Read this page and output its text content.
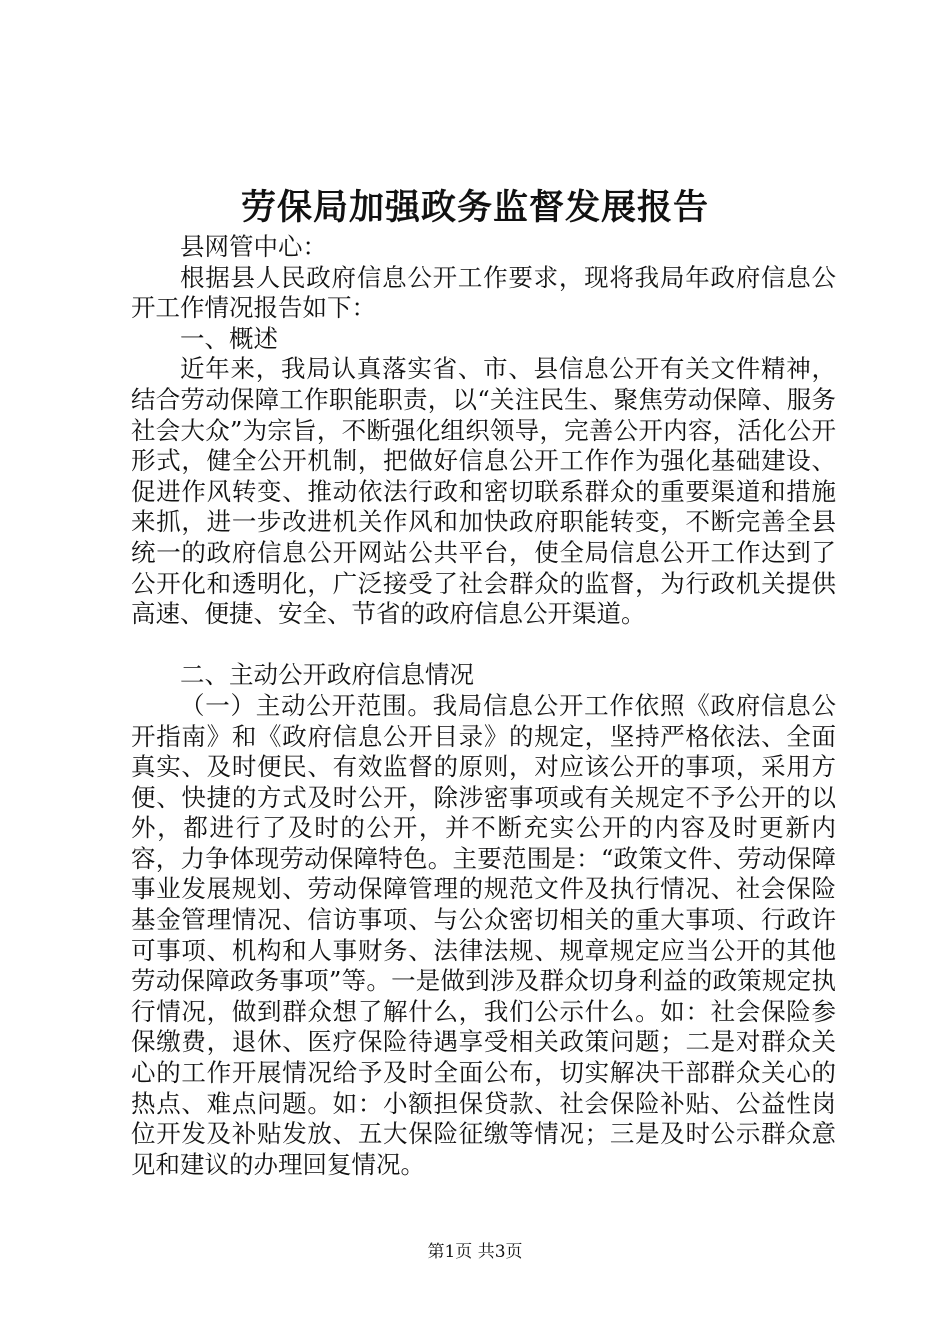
劳保局加强政务监督发展报告

县网管中心：

根据县人民政府信息公开工作要求，现将我局年政府信息公开工作情况报告如下：

一、概述

近年来，我局认真落实省、市、县信息公开有关文件精神，结合劳动保障工作职能职责，以“关注民生、聚焦劳动保障、服务社会大众”为宗旨，不断强化组织领导，完善公开内容，活化公开形式，健全公开机制，把做好信息公开工作作为强化基础建设、促进作风转变、推动依法行政和密切联系群众的重要渠道和措施来抓，进一步改进机关作风和加快政府职能转变，不断完善全县统一的政府信息公开网站公共平台，使全局信息公开工作达到了公开化和透明化，广泛接受了社会群众的监督，为行政机关提供高速、便捷、安全、节省的政府信息公开渠道。

二、主动公开政府信息情况

（一）主动公开范围。我局信息公开工作依照《政府信息公开指南》和《政府信息公开目录》的规定，坚持严格依法、全面真实、及时便民、有效监督的原则，对应该公开的事项，采用方便、快捷的方式及时公开，除涉密事项或有关规定不予公开的以外，都进行了及时的公开，并不断充实公开的内容及时更新内容，力争体现劳动保障特色。主要范围是：“政策文件、劳动保障事业发展规划、劳动保障管理的规范文件及执行情况、社会保险基金管理情况、信访事项、与公众密切相关的重大事项、行政许可事项、机构和人事财务、法律法规、规章规定应当公开的其他劳动保障政务事项”等。一是做到涉及群众切身利益的政策规定执行情况，做到群众想了解什么，我们公示什么。如：社会保险参保缴费，退休、医疗保险待遇享受相关政策问题；二是对群众关心的工作开展情况给予及时全面公布，切实解决干部群众关心的热点、难点问题。如：小额担保贷款、社会保险补贴、公益性岗位开发及补贴发放、五大保险征缴等情况；三是及时公示群众意见和建议的办理回复情况。

第1页 共3页
